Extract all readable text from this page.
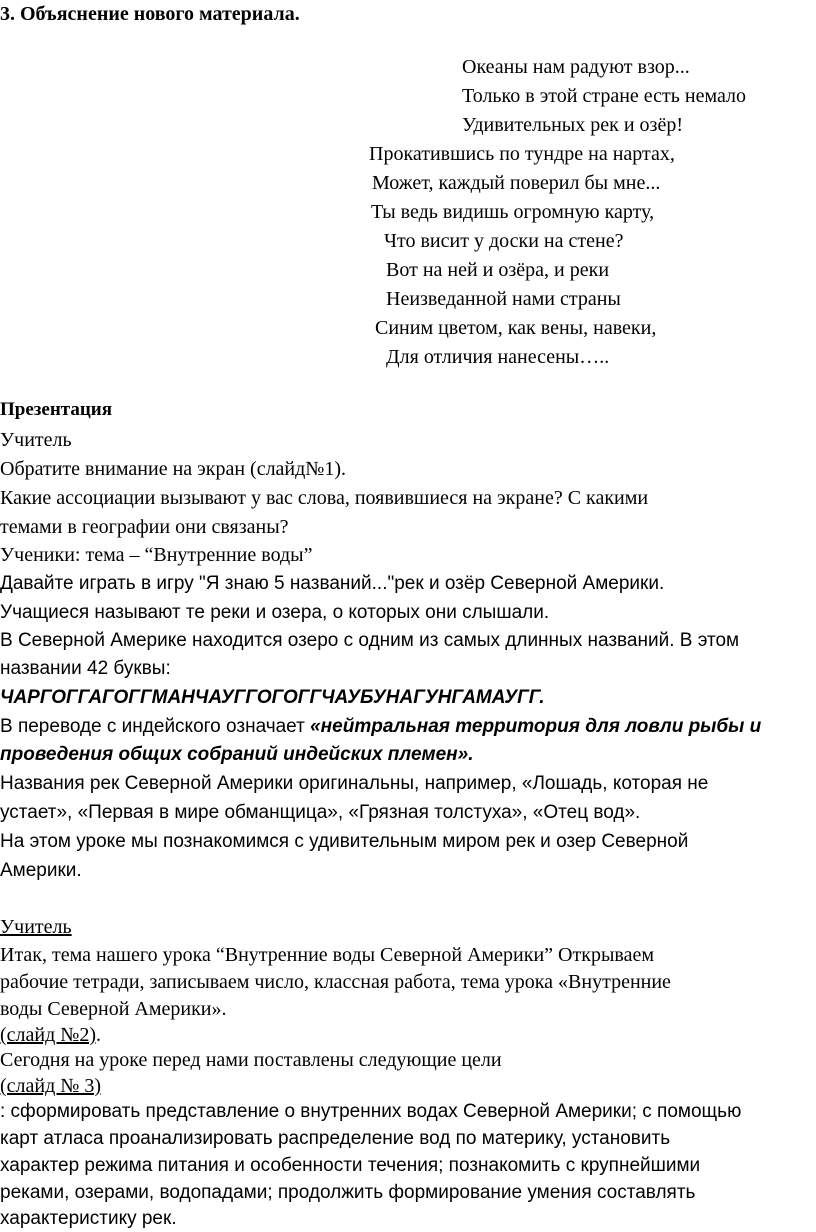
3. Объяснение нового материала.
Океаны нам радуют взор...
Только в этой стране есть немало
Удивительных рек и озёр!
Прокатившись по тундре на нартах,
Может, каждый поверил бы мне...
Ты ведь видишь огромную карту,
Что висит у доски на стене?
Вот на ней и озёра, и реки
Неизведанной нами страны
Синим цветом, как вены, навеки,
Для отличия нанесены…..
Презентация
Учитель
Обратите внимание на экран (слайд№1).
Какие ассоциации вызывают у вас слова, появившиеся на экране? С какими
темами в географии они связаны?
Ученики: тема – “Внутренние воды”
Давайте играть в игру "Я знаю 5 названий..."рек и озёр Северной Америки.
Учащиеся называют те реки и озера, о которых они слышали.
В Северной Америке находится озеро с одним из самых длинных названий. В этом
названии 42 буквы:
ЧАРГОГГАГОГГМАНЧАУГГОГОГГЧАУБУНАГУНГАМАУГГ.
В переводе с индейского означает «нейтральная территория для ловли рыбы и
проведения общих собраний индейских племен».
Названия рек Северной Америки оригинальны, например, «Лошадь, которая не
устает», «Первая в мире обманщица», «Грязная толстуха», «Отец вод».
На этом уроке мы познакомимся с удивительным миром рек и озер Северной
Америки.
Учитель
Итак, тема нашего урока “Внутренние воды Северной Америки” Открываем
рабочие тетради, записываем число, классная работа, тема урока «Внутренние
воды Северной Америки».
(слайд №2).
Сегодня на уроке перед нами поставлены следующие цели
(слайд № 3)
: сформировать представление о внутренних водах Северной Америки; с помощью
карт атласа проанализировать распределение вод по материку, установить
характер режима питания и особенности течения; познакомить с крупнейшими
реками, озерами, водопадами; продолжить формирование умения составлять
характеристику рек.
